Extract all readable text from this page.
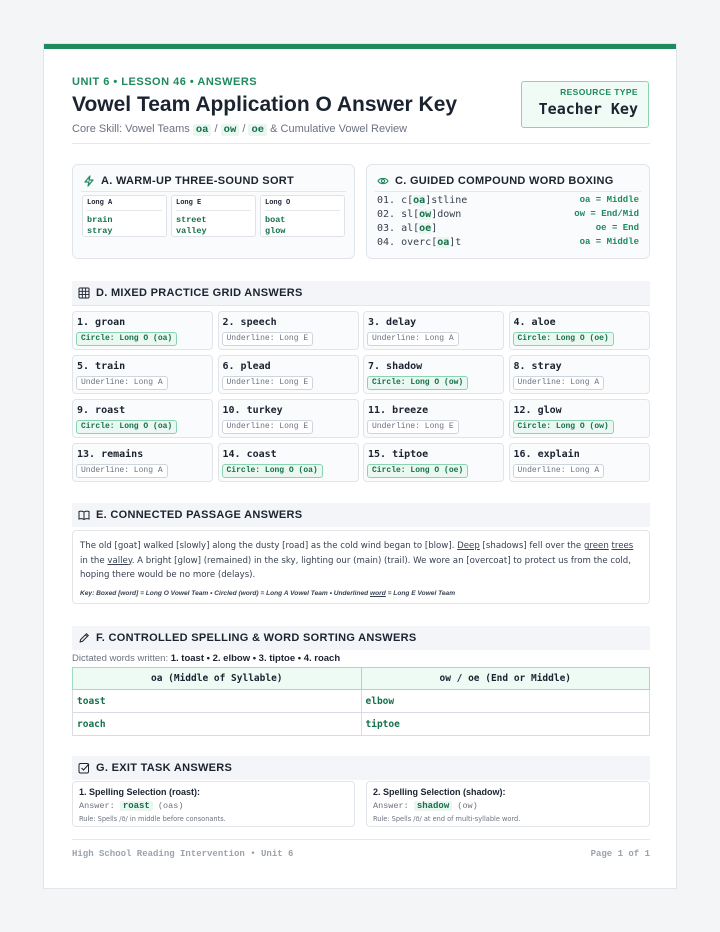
UNIT 6 • LESSON 46 • ANSWERS
Vowel Team Application O Answer Key
Core Skill: Vowel Teams oa / ow / oe & Cumulative Vowel Review
RESOURCE TYPE
Teacher Key
A. WARM-UP THREE-SOUND SORT
Long A
brain
stray
Long E
street
valley
Long O
boat
glow
C. GUIDED COMPOUND WORD BOXING
01. c[oa]stline	oa = Middle
02. sl[ow]down	ow = End/Mid
03. al[oe]	oe = End
04. overc[oa]t	oa = Middle
D. MIXED PRACTICE GRID ANSWERS
1. groan
Circle: Long O (oa)
2. speech
Underline: Long E
3. delay
Underline: Long A
4. aloe
Circle: Long O (oe)
5. train
Underline: Long A
6. plead
Underline: Long E
7. shadow
Circle: Long O (ow)
8. stray
Underline: Long A
9. roast
Circle: Long O (oa)
10. turkey
Underline: Long E
11. breeze
Underline: Long E
12. glow
Circle: Long O (ow)
13. remains
Underline: Long A
14. coast
Circle: Long O (oa)
15. tiptoe
Circle: Long O (oe)
16. explain
Underline: Long A
E. CONNECTED PASSAGE ANSWERS

The old [goat] walked [slowly] along the dusty [road] as the cold wind began to [blow]. Deep [shadows] fell over the green trees in the valley. A bright [glow] (remained) in the sky, lighting our (main) (trail). We wore an [overcoat] to protect us from the cold, hoping there would be no more (delays).

Key: Boxed [word] = Long O Vowel Team • Circled (word) = Long A Vowel Team • Underlined word = Long E Vowel Team
F. CONTROLLED SPELLING & WORD SORTING ANSWERS
Dictated words written: 1. toast • 2. elbow • 3. tiptoe • 4. roach
oa (Middle of Syllable)	ow / oe (End or Middle)
toast	elbow
roach	tiptoe
G. EXIT TASK ANSWERS
1. Spelling Selection (roast):
Answer: roast (oas)
Rule: Spells /ō/ in middle before consonants.
2. Spelling Selection (shadow):
Answer: shadow (ow)
Rule: Spells /ō/ at end of multi-syllable word.
High School Reading Intervention • Unit 6	Page 1 of 1
